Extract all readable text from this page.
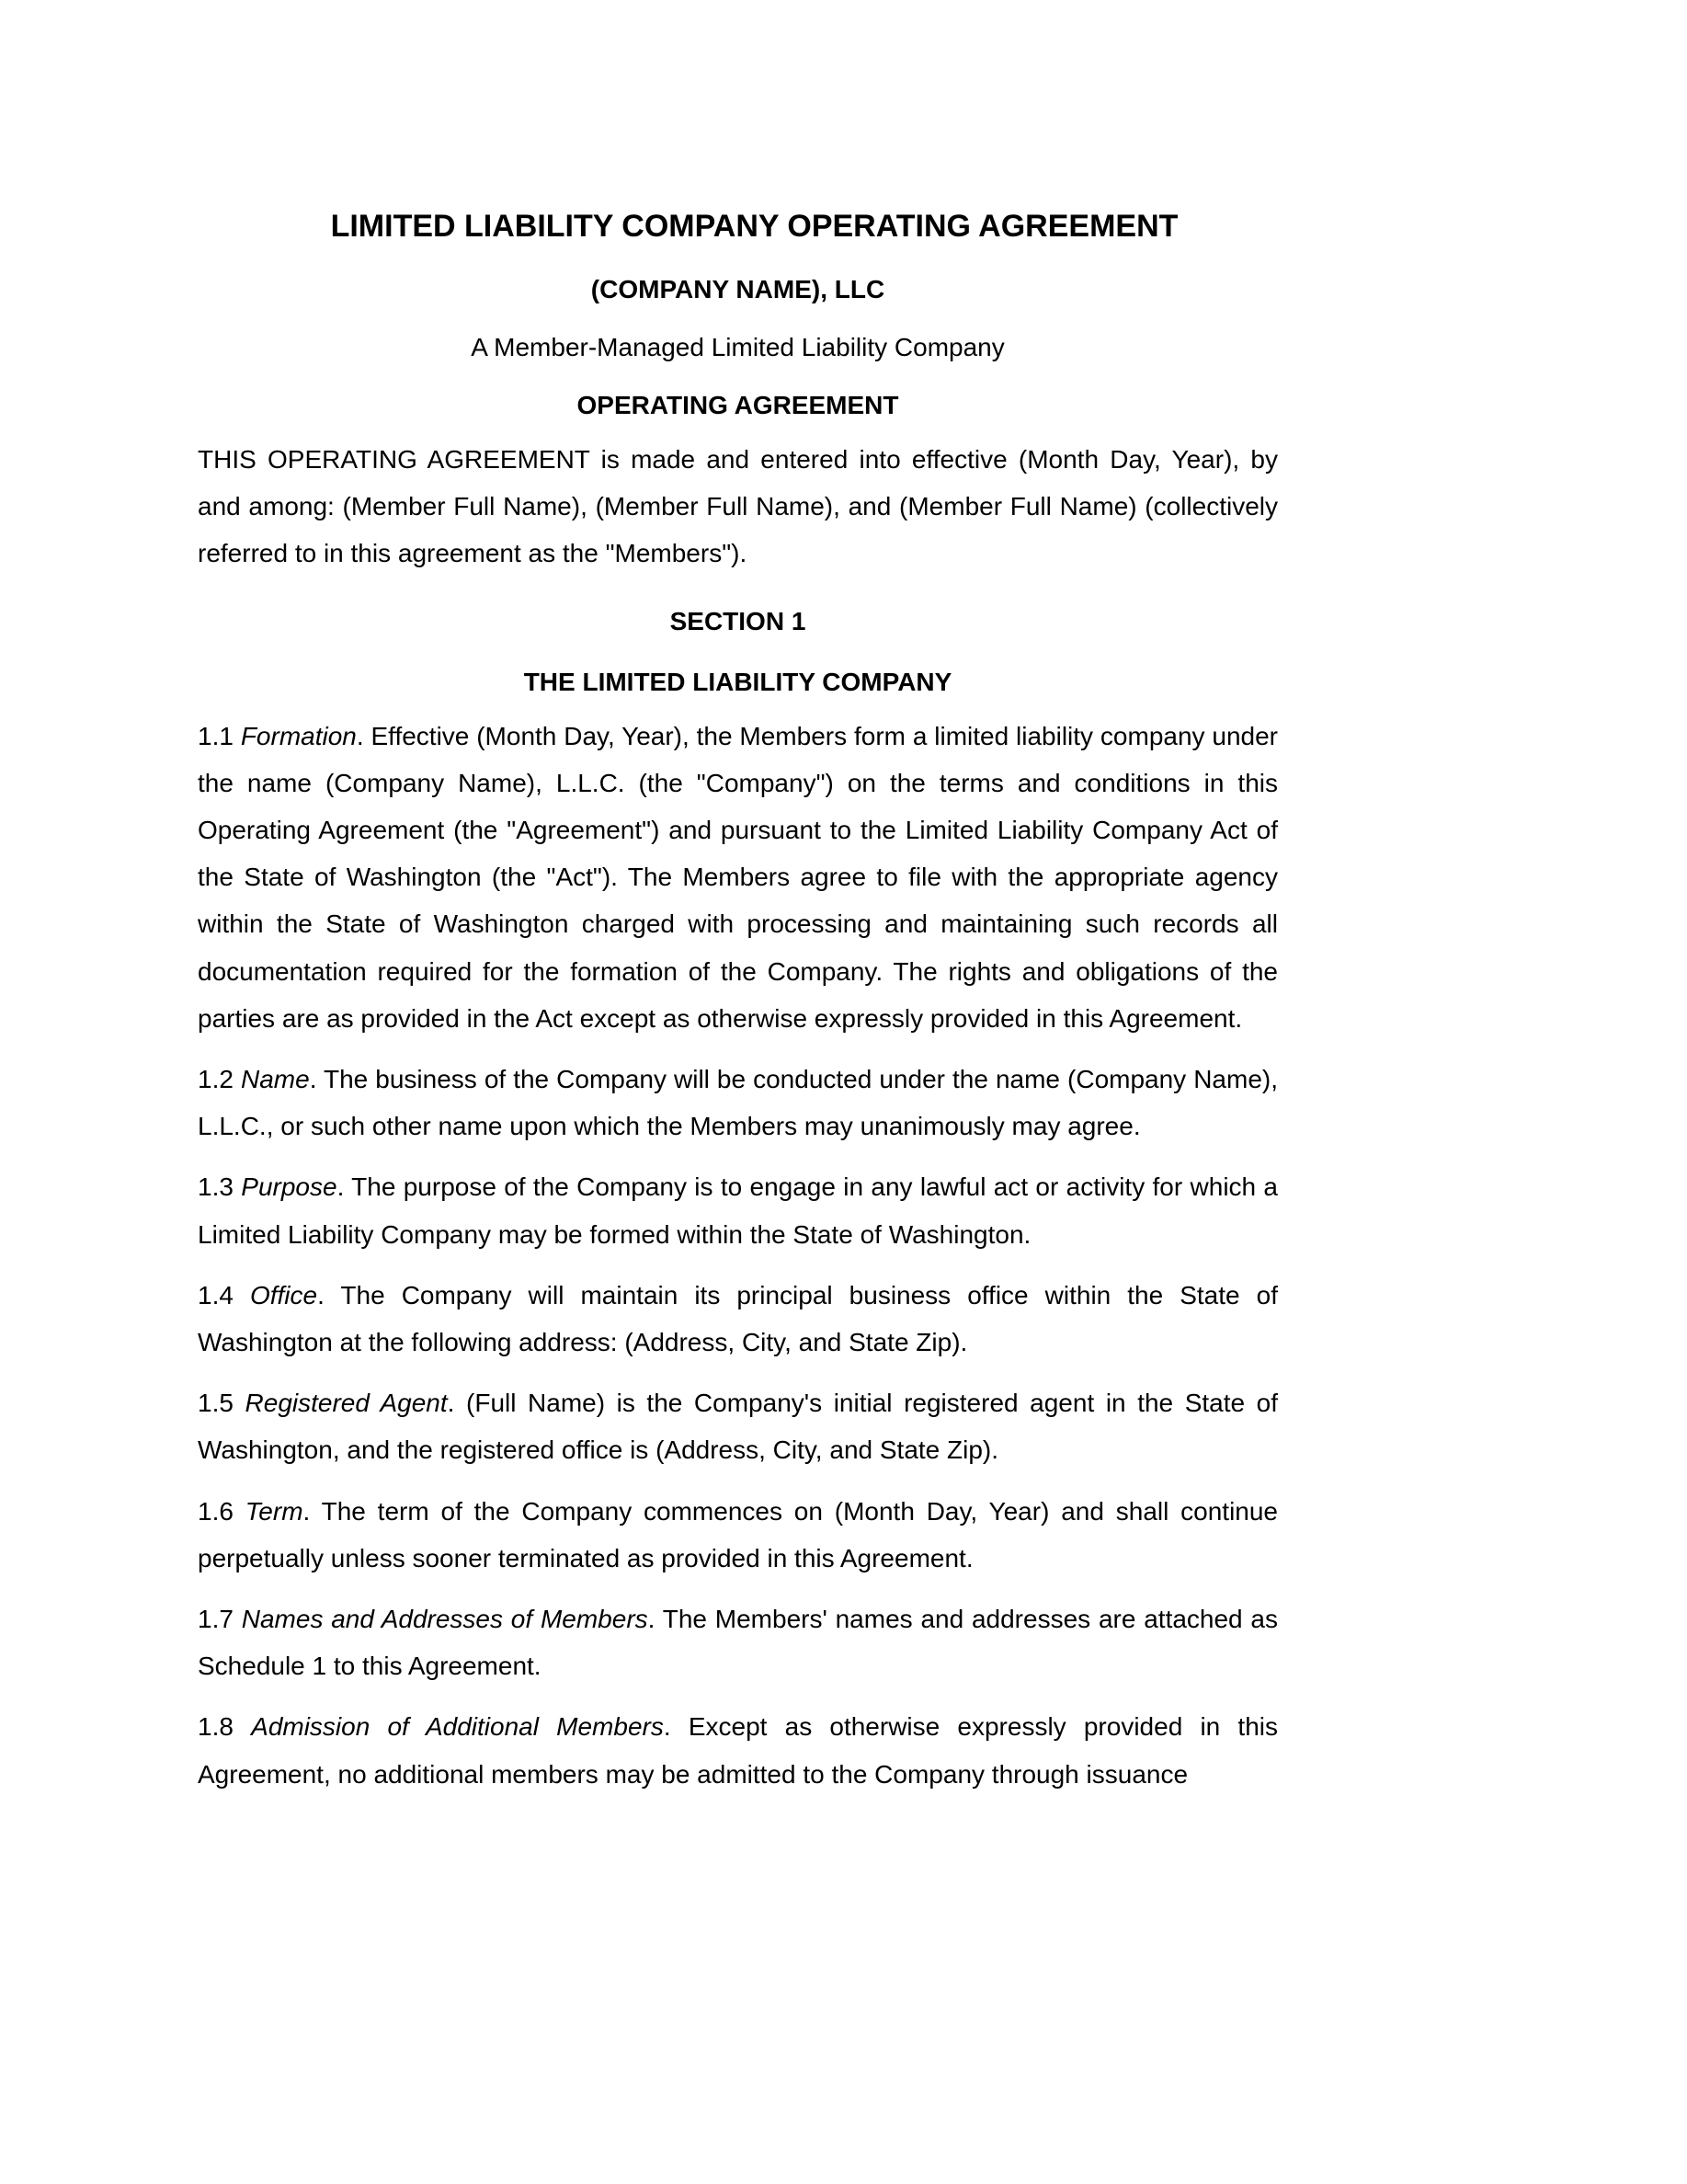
LIMITED LIABILITY COMPANY OPERATING AGREEMENT
(COMPANY NAME), LLC
A Member-Managed Limited Liability Company
OPERATING AGREEMENT

THIS OPERATING AGREEMENT is made and entered into effective (Month Day, Year), by and among: (Member Full Name), (Member Full Name), and (Member Full Name) (collectively referred to in this agreement as the "Members").

SECTION 1
THE LIMITED LIABILITY COMPANY

1.1 Formation. Effective (Month Day, Year), the Members form a limited liability company under the name (Company Name), L.L.C. (the "Company") on the terms and conditions in this Operating Agreement (the "Agreement") and pursuant to the Limited Liability Company Act of the State of Washington (the "Act"). The Members agree to file with the appropriate agency within the State of Washington charged with processing and maintaining such records all documentation required for the formation of the Company. The rights and obligations of the parties are as provided in the Act except as otherwise expressly provided in this Agreement.

1.2 Name. The business of the Company will be conducted under the name (Company Name), L.L.C., or such other name upon which the Members may unanimously may agree.

1.3 Purpose. The purpose of the Company is to engage in any lawful act or activity for which a Limited Liability Company may be formed within the State of Washington.

1.4 Office. The Company will maintain its principal business office within the State of Washington at the following address: (Address, City, and State Zip).

1.5 Registered Agent. (Full Name) is the Company's initial registered agent in the State of Washington, and the registered office is (Address, City, and State Zip).

1.6 Term. The term of the Company commences on (Month Day, Year) and shall continue perpetually unless sooner terminated as provided in this Agreement.

1.7 Names and Addresses of Members. The Members' names and addresses are attached as Schedule 1 to this Agreement.

1.8 Admission of Additional Members. Except as otherwise expressly provided in this Agreement, no additional members may be admitted to the Company through issuance
